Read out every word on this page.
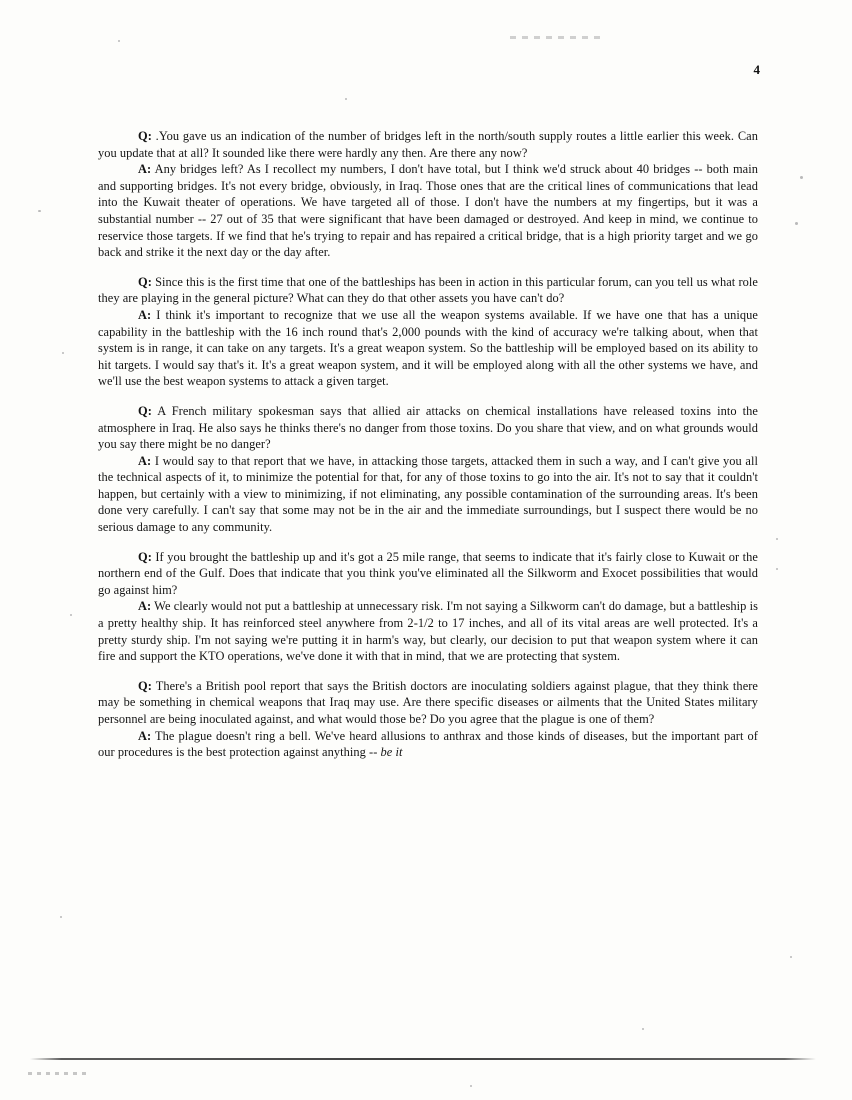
4

Q: .You gave us an indication of the number of bridges left in the north/south supply routes a little earlier this week. Can you update that at all? It sounded like there were hardly any then. Are there any now?

A: Any bridges left? As I recollect my numbers, I don't have total, but I think we'd struck about 40 bridges -- both main and supporting bridges. It's not every bridge, obviously, in Iraq. Those ones that are the critical lines of communications that lead into the Kuwait theater of operations. We have targeted all of those. I don't have the numbers at my fingertips, but it was a substantial number -- 27 out of 35 that were significant that have been damaged or destroyed. And keep in mind, we continue to reservice those targets. If we find that he's trying to repair and has repaired a critical bridge, that is a high priority target and we go back and strike it the next day or the day after.

Q: Since this is the first time that one of the battleships has been in action in this particular forum, can you tell us what role they are playing in the general picture? What can they do that other assets you have can't do?

A: I think it's important to recognize that we use all the weapon systems available. If we have one that has a unique capability in the battleship with the 16 inch round that's 2,000 pounds with the kind of accuracy we're talking about, when that system is in range, it can take on any targets. It's a great weapon system. So the battleship will be employed based on its ability to hit targets. I would say that's it. It's a great weapon system, and it will be employed along with all the other systems we have, and we'll use the best weapon systems to attack a given target.

Q: A French military spokesman says that allied air attacks on chemical installations have released toxins into the atmosphere in Iraq. He also says he thinks there's no danger from those toxins. Do you share that view, and on what grounds would you say there might be no danger?

A: I would say to that report that we have, in attacking those targets, attacked them in such a way, and I can't give you all the technical aspects of it, to minimize the potential for that, for any of those toxins to go into the air. It's not to say that it couldn't happen, but certainly with a view to minimizing, if not eliminating, any possible contamination of the surrounding areas. It's been done very carefully. I can't say that some may not be in the air and the immediate surroundings, but I suspect there would be no serious damage to any community.

Q: If you brought the battleship up and it's got a 25 mile range, that seems to indicate that it's fairly close to Kuwait or the northern end of the Gulf. Does that indicate that you think you've eliminated all the Silkworm and Exocet possibilities that would go against him?

A: We clearly would not put a battleship at unnecessary risk. I'm not saying a Silkworm can't do damage, but a battleship is a pretty healthy ship. It has reinforced steel anywhere from 2-1/2 to 17 inches, and all of its vital areas are well protected. It's a pretty sturdy ship. I'm not saying we're putting it in harm's way, but clearly, our decision to put that weapon system where it can fire and support the KTO operations, we've done it with that in mind, that we are protecting that system.

Q: There's a British pool report that says the British doctors are inoculating soldiers against plague, that they think there may be something in chemical weapons that Iraq may use. Are there specific diseases or ailments that the United States military personnel are being inoculated against, and what would those be? Do you agree that the plague is one of them?

A: The plague doesn't ring a bell. We've heard allusions to anthrax and those kinds of diseases, but the important part of our procedures is the best protection against anything -- be it
